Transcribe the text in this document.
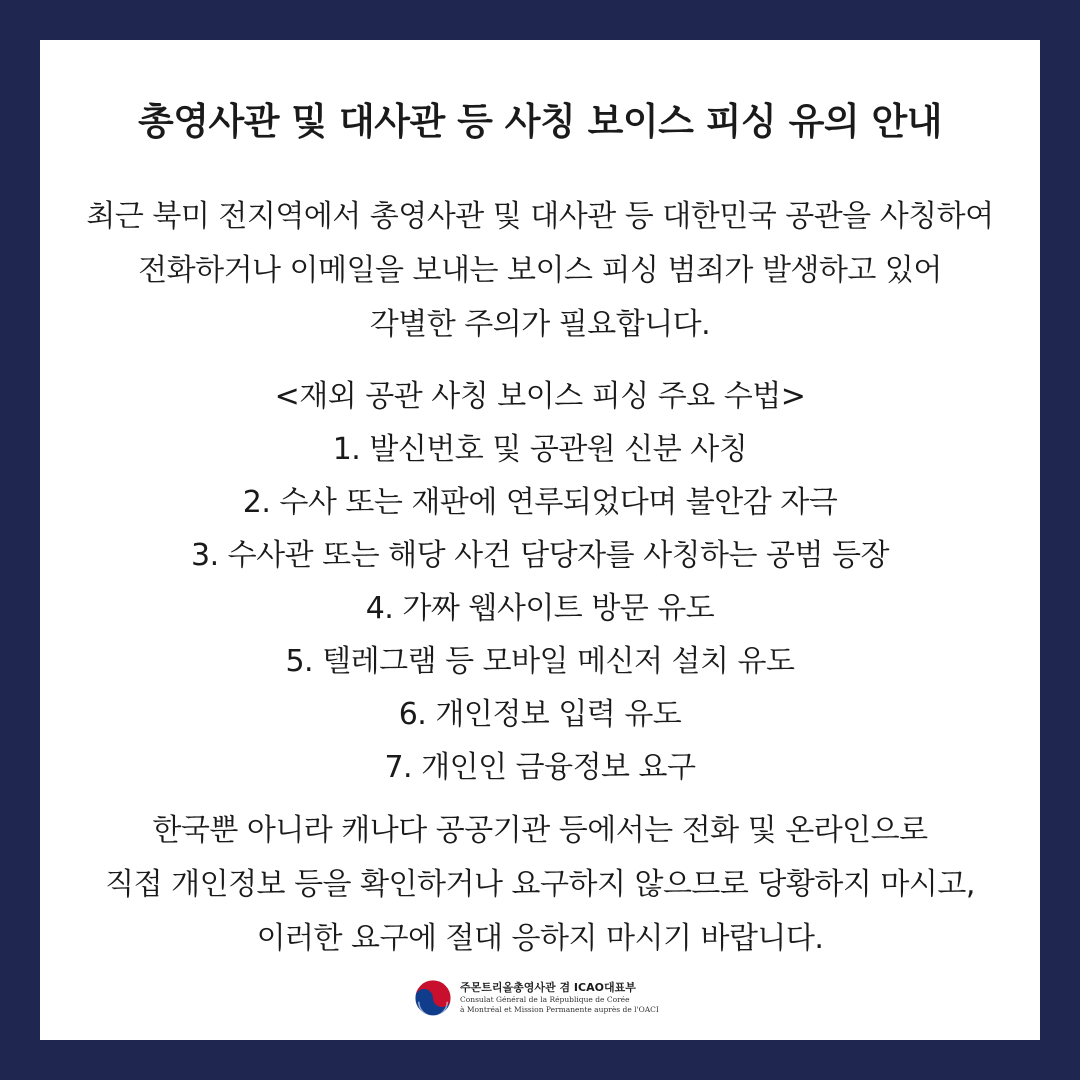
총영사관 및 대사관 등 사칭 보이스 피싱 유의 안내
최근 북미 전지역에서 총영사관 및 대사관 등 대한민국 공관을 사칭하여
전화하거나 이메일을 보내는 보이스 피싱 범죄가 발생하고 있어
각별한 주의가 필요합니다.
<재외 공관 사칭 보이스 피싱 주요 수법>
1. 발신번호 및 공관원 신분 사칭
2. 수사 또는 재판에 연루되었다며 불안감 자극
3. 수사관 또는 해당 사건 담당자를 사칭하는 공범 등장
4. 가짜 웹사이트 방문 유도
5. 텔레그램 등 모바일 메신저 설치 유도
6. 개인정보 입력 유도
7. 개인인 금융정보 요구
한국뿐 아니라 캐나다 공공기관 등에서는 전화 및 온라인으로
직접 개인정보 등을 확인하거나 요구하지 않으므로 당황하지 마시고,
이러한 요구에 절대 응하지 마시기 바랍니다.
주몬트리올총영사관 겸 ICAO대표부
Consulat Général de la République de Corée
à Montréal et Mission Permanente auprès de l'OACI
